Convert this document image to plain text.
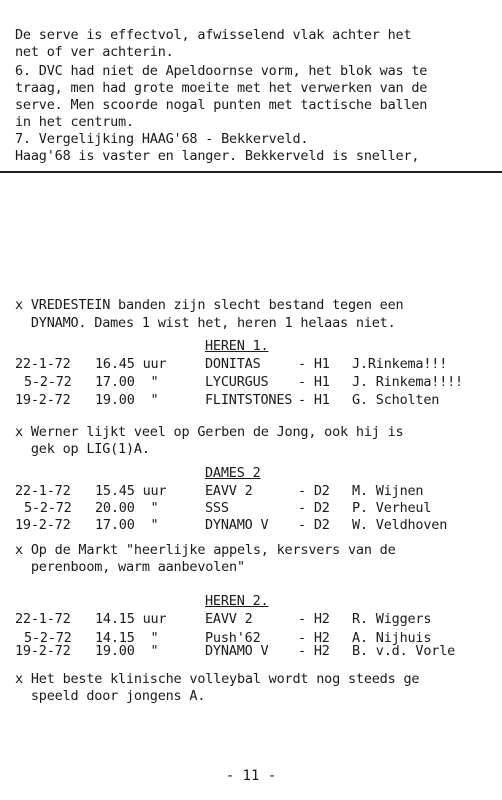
De serve is effectvol, afwisselend vlak achter het
net of ver achterin.
6. DVC had niet de Apeldoornse vorm, het blok was te
traag, men had grote moeite met het verwerken van de
serve. Men scoorde nogal punten met tactische ballen
in het centrum.
7. Vergelijking HAAG'68 - Bekkerveld.
Haag'68 is vaster en langer. Bekkerveld is sneller,
x VREDESTEIN banden zijn slecht bestand tegen een
DYNAMO. Dames 1 wist het, heren 1 helaas niet.
HEREN 1.
22-1-72 16.45 uur	DONITAS	- H1 J.Rinkema!!!
5-2-72 17.00  "	LYCURGUS - H1 J. Rinkema!!!!
19-2-72 19.00  "	FLINTSTONES - H1 G. Scholten
x Werner lijkt veel op Gerben de Jong, ook hij is
gek op LIG(1)A.
DAMES 2
22-1-72 15.45 uur	EAVV 2	- D2 M. Wijnen
5-2-72 20.00  "	SSS	- D2 P. Verheul
19-2-72 17.00  "	DYNAMO V - D2 W. Veldhoven
x Op de Markt "heerlijke appels, kersvers van de
perenboom, warm aanbevolen"
HEREN 2.
22-1-72 14.15 uur	EAVV 2	- H2 R. Wiggers
5-2-72 14.15  "	Push'62	- H2 A. Nijhuis
19-2-72 19.00  "	DYNAMO V - H2 B. v.d. Vorle
x Het beste klinische volleybal wordt nog steeds ge
speeld door jongens A.
- 11 -
